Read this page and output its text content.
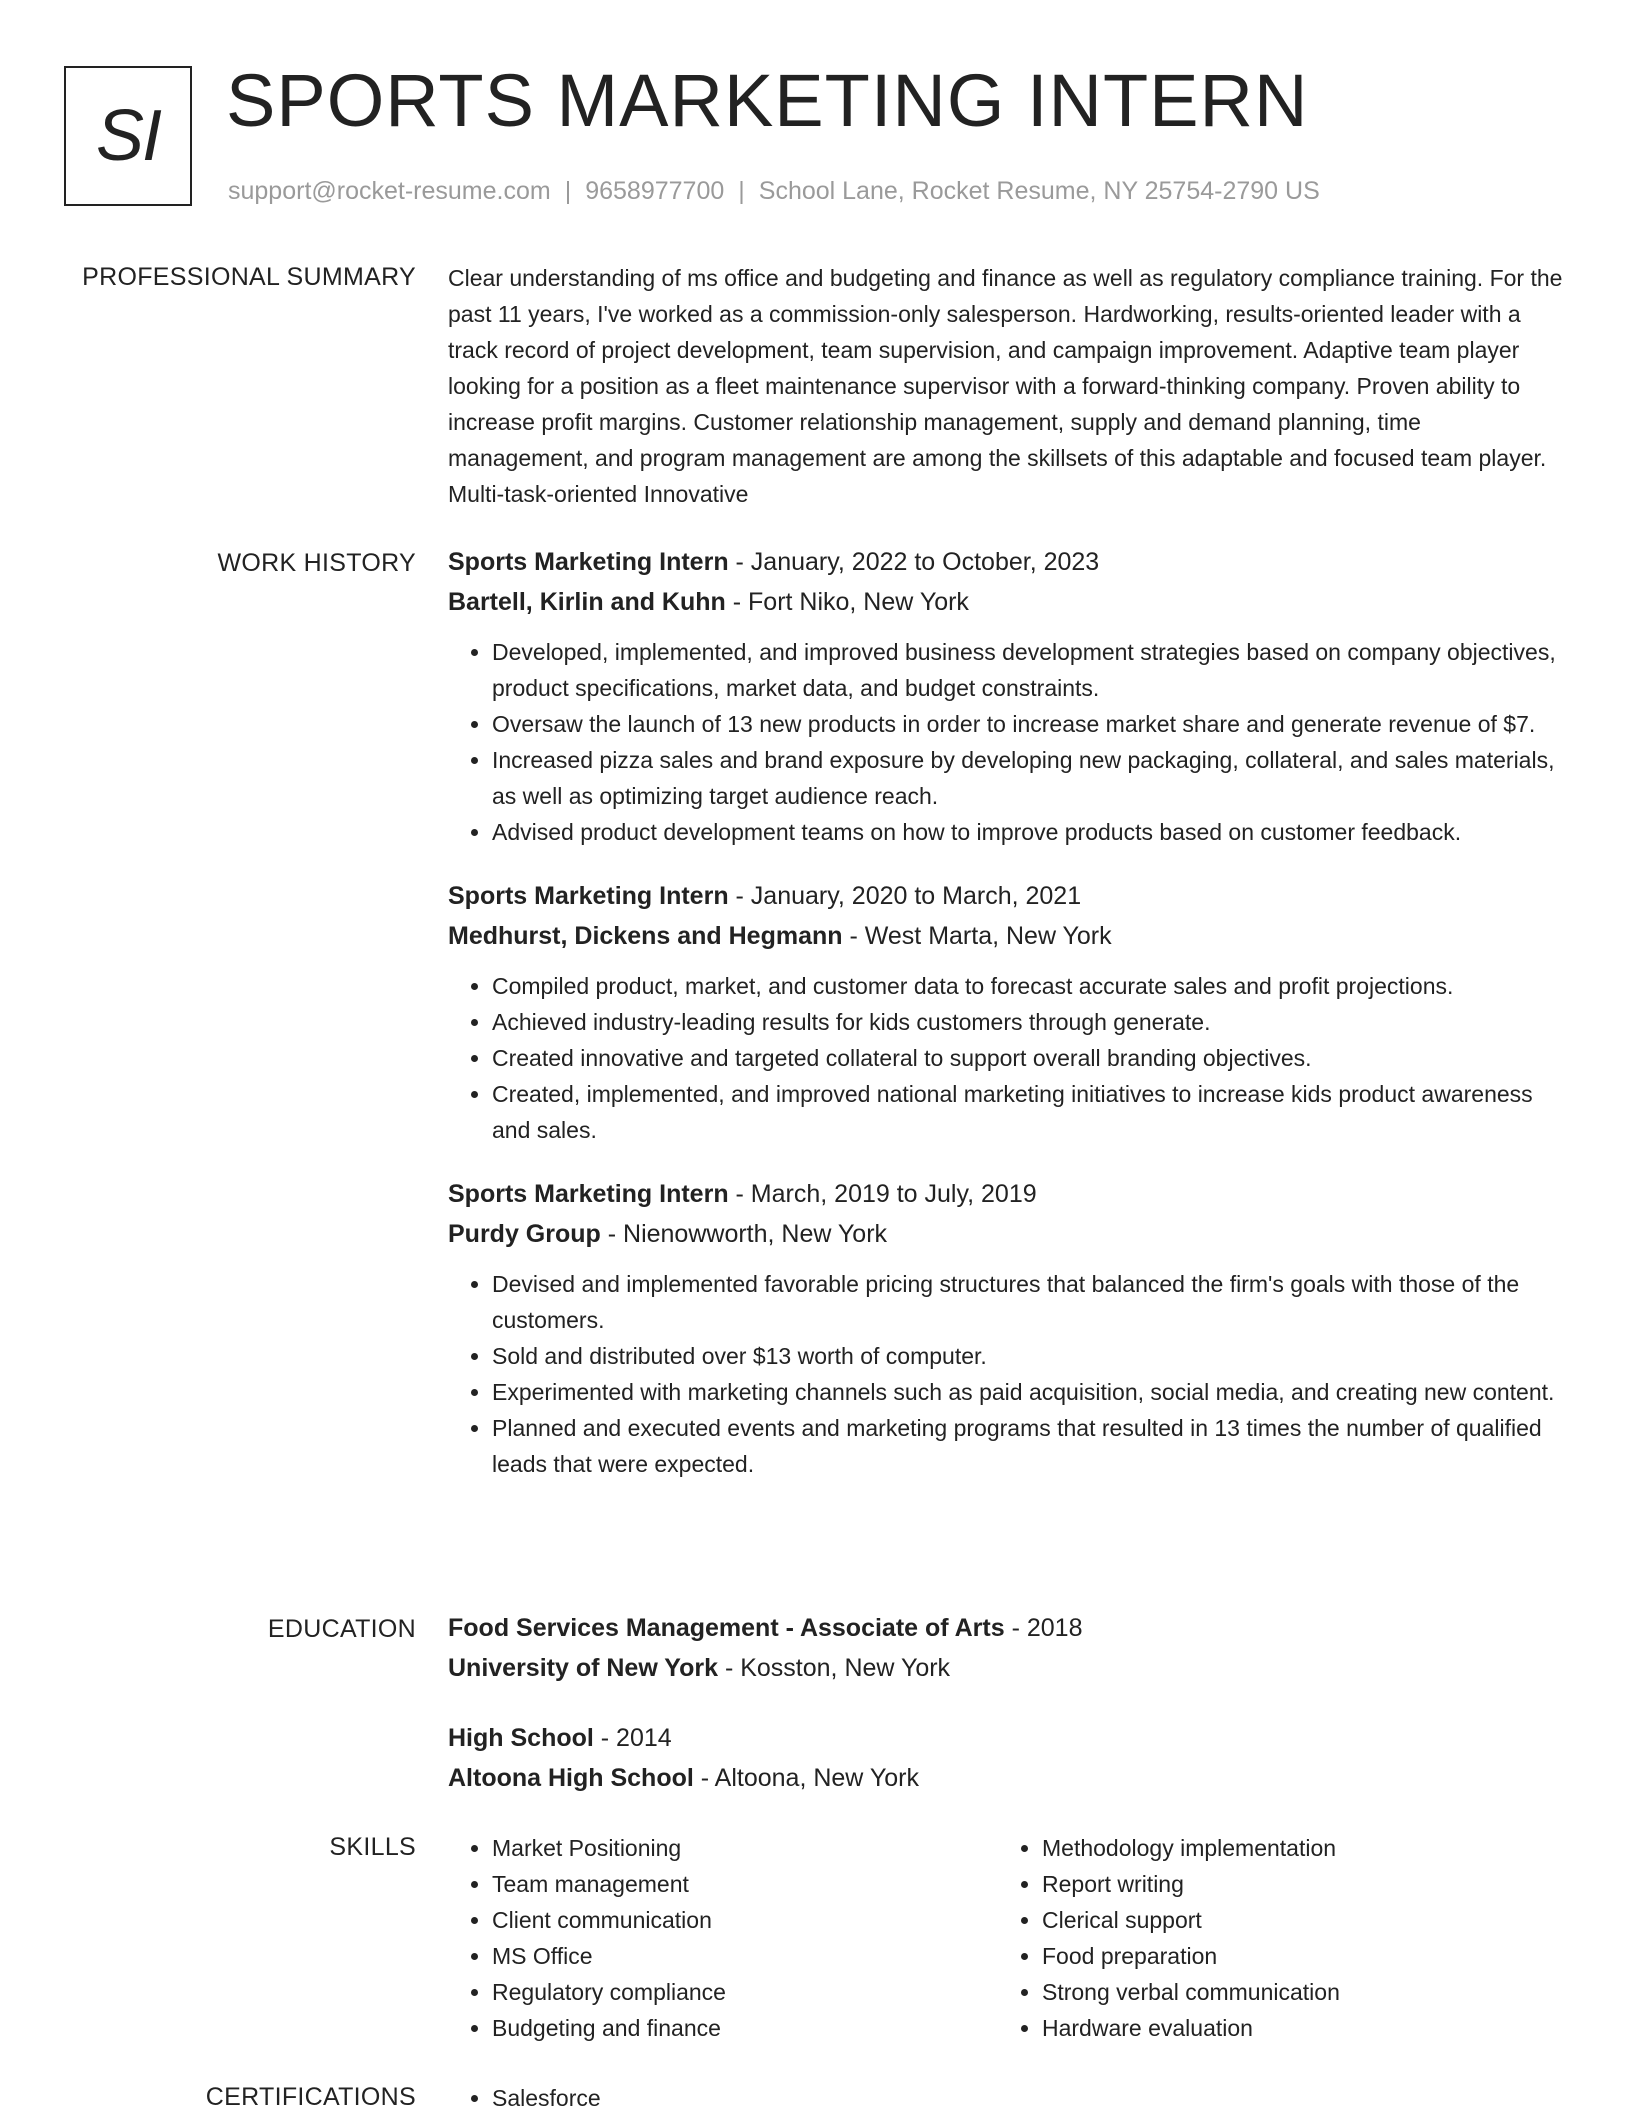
SI SPORTS MARKETING INTERN
support@rocket-resume.com | 9658977700 | School Lane, Rocket Resume, NY 25754-2790 US
PROFESSIONAL SUMMARY Clear understanding of ms office and budgeting and finance as well as regulatory compliance training. For the past 11 years, I've worked as a commission-only salesperson. Hardworking, results-oriented leader with a track record of project development, team supervision, and campaign improvement. Adaptive team player looking for a position as a fleet maintenance supervisor with a forward-thinking company. Proven ability to increase profit margins. Customer relationship management, supply and demand planning, time management, and program management are among the skillsets of this adaptable and focused team player. Multi-task-oriented Innovative
WORK HISTORY Sports Marketing Intern - January, 2022 to October, 2023
Bartell, Kirlin and Kuhn - Fort Niko, New York
• Developed, implemented, and improved business development strategies based on company objectives, product specifications, market data, and budget constraints.
• Oversaw the launch of 13 new products in order to increase market share and generate revenue of $7.
• Increased pizza sales and brand exposure by developing new packaging, collateral, and sales materials, as well as optimizing target audience reach.
• Advised product development teams on how to improve products based on customer feedback.
Sports Marketing Intern - January, 2020 to March, 2021
Medhurst, Dickens and Hegmann - West Marta, New York
• Compiled product, market, and customer data to forecast accurate sales and profit projections.
• Achieved industry-leading results for kids customers through generate.
• Created innovative and targeted collateral to support overall branding objectives.
• Created, implemented, and improved national marketing initiatives to increase kids product awareness and sales.
Sports Marketing Intern - March, 2019 to July, 2019
Purdy Group - Nienowworth, New York
• Devised and implemented favorable pricing structures that balanced the firm's goals with those of the customers.
• Sold and distributed over $13 worth of computer.
• Experimented with marketing channels such as paid acquisition, social media, and creating new content.
• Planned and executed events and marketing programs that resulted in 13 times the number of qualified leads that were expected.
EDUCATION Food Services Management - Associate of Arts - 2018
University of New York - Kosston, New York
High School - 2014
Altoona High School - Altoona, New York
SKILLS	• Market Positioning
• Team management
• Client communication
• MS Office
• Regulatory compliance
• Budgeting and finance
• Methodology implementation
• Report writing
• Clerical support
• Food preparation
• Strong verbal communication
• Hardware evaluation
CERTIFICATIONS	• Salesforce
